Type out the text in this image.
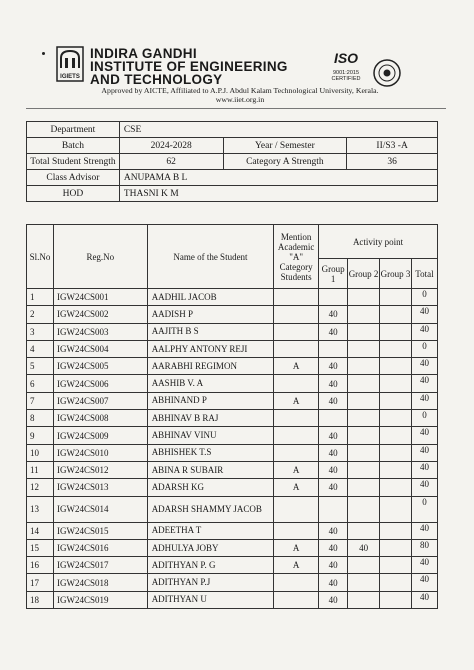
IGIETS
INDIRA GANDHI
INSTITUTE OF ENGINEERING
AND TECHNOLOGY
ISO
9001:2015 CERTIFIED
Approved by AICTE, Affiliated to A.P.J. Abdul Kalam Technological University, Kerala.
www.iiet.org.in
Department	CSE		
Batch	2024-2028	Year / Semester	II/S3 -A
Total Student Strength	62	Category A Strength	36
Class Advisor	ANUPAMA B L		
HOD	THASNI K M		
Sl.No	Reg.No	Name of the Student	Mention Academic "A" Category Students	Activity point			
				Group 1	Group 2	Group 3	Total
1	IGW24CS001	AADHIL JACOB					0
2	IGW24CS002	AADISH P		40			40
3	IGW24CS003	AAJITH B S		40			40
4	IGW24CS004	AALPHY ANTONY REJI					0
5	IGW24CS005	AARABHI REGIMON	A	40			40
6	IGW24CS006	AASHIB V. A		40			40
7	IGW24CS007	ABHINAND P	A	40			40
8	IGW24CS008	ABHINAV B RAJ					0
9	IGW24CS009	ABHINAV VINU		40			40
10	IGW24CS010	ABHISHEK T.S		40			40
11	IGW24CS012	ABINA R SUBAIR	A	40			40
12	IGW24CS013	ADARSH KG	A	40			40
13	IGW24CS014	ADARSH SHAMMY JACOB					0
14	IGW24CS015	ADEETHA T		40			40
15	IGW24CS016	ADHULYA JOBY	A	40	40		80
16	IGW24CS017	ADITHYAN P. G	A	40			40
17	IGW24CS018	ADITHYAN P.J		40			40
18	IGW24CS019	ADITHYAN U		40			40
